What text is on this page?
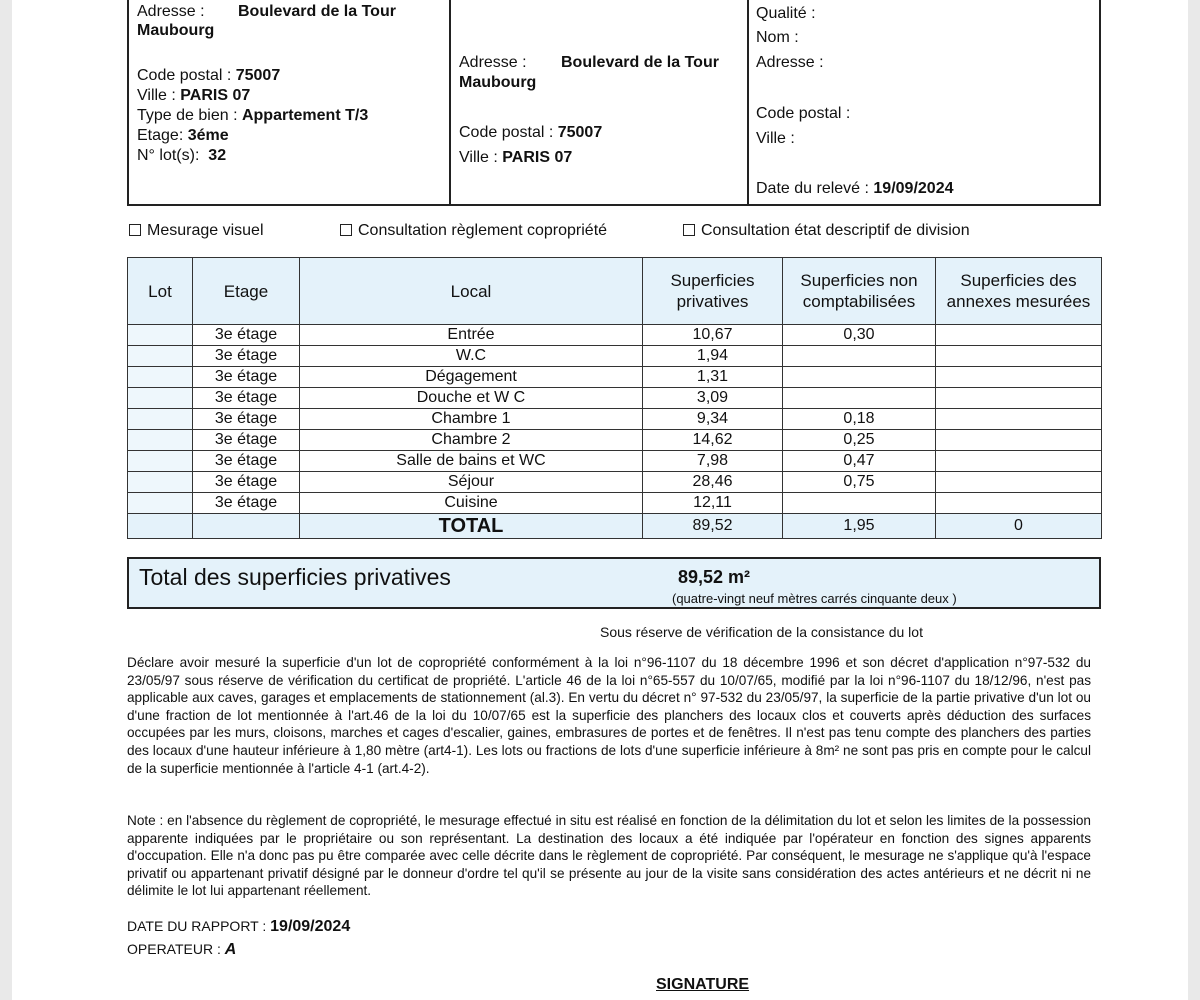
Adresse : Boulevard de la Tour
Maubourg
Code postal : 75007
Ville : PARIS 07
Type de bien : Appartement T/3
Etage: 3éme
N° lot(s): 32
Adresse : Boulevard de la Tour
Maubourg
Code postal : 75007
Ville : PARIS 07
Qualité :
Nom :
Adresse :
Code postal :
Ville :
Date du relevé : 19/09/2024
Mesurage visuel	Consultation règlement copropriété	Consultation état descriptif de division
Lot	Etage	Local	Superficies privatives	Superficies non comptabilisées	Superficies des annexes mesurées
	3e étage	Entrée	10,67	0,30	
	3e étage	W.C	1,94		
	3e étage	Dégagement	1,31		
	3e étage	Douche et W C	3,09		
	3e étage	Chambre 1	9,34	0,18	
	3e étage	Chambre 2	14,62	0,25	
	3e étage	Salle de bains et WC	7,98	0,47	
	3e étage	Séjour	28,46	0,75	
	3e étage	Cuisine	12,11		
		TOTAL	89,52	1,95	0
Total des superficies privatives	89,52 m²
(quatre-vingt neuf mètres carrés cinquante deux )
Sous réserve de vérification de la consistance du lot
Déclare avoir mesuré la superficie d'un lot de copropriété conformément à la loi n°96-1107 du 18 décembre 1996 et son décret d'application n°97-532 du 23/05/97 sous réserve de vérification du certificat de propriété. L'article 46 de la loi n°65-557 du 10/07/65, modifié par la loi n°96-1107 du 18/12/96, n'est pas applicable aux caves, garages et emplacements de stationnement (al.3). En vertu du décret n° 97-532 du 23/05/97, la superficie de la partie privative d'un lot ou d'une fraction de lot mentionnée à l'art.46 de la loi du 10/07/65 est la superficie des planchers des locaux clos et couverts après déduction des surfaces occupées par les murs, cloisons, marches et cages d'escalier, gaines, embrasures de portes et de fenêtres. Il n'est pas tenu compte des planchers des parties des locaux d'une hauteur inférieure à 1,80 mètre (art4-1). Les lots ou fractions de lots d'une superficie inférieure à 8m² ne sont pas pris en compte pour le calcul de la superficie mentionnée à l'article 4-1 (art.4-2).
Note : en l'absence du règlement de copropriété, le mesurage effectué in situ est réalisé en fonction de la délimitation du lot et selon les limites de la possession apparente indiquées par le propriétaire ou son représentant. La destination des locaux a été indiquée par l'opérateur en fonction des signes apparents d'occupation. Elle n'a donc pas pu être comparée avec celle décrite dans le règlement de copropriété. Par conséquent, le mesurage ne s'applique qu'à l'espace privatif ou appartenant privatif désigné par le donneur d'ordre tel qu'il se présente au jour de la visite sans considération des actes antérieurs et ne décrit ni ne délimite le lot lui appartenant réellement.
DATE DU RAPPORT : 19/09/2024
OPERATEUR : A
SIGNATURE
